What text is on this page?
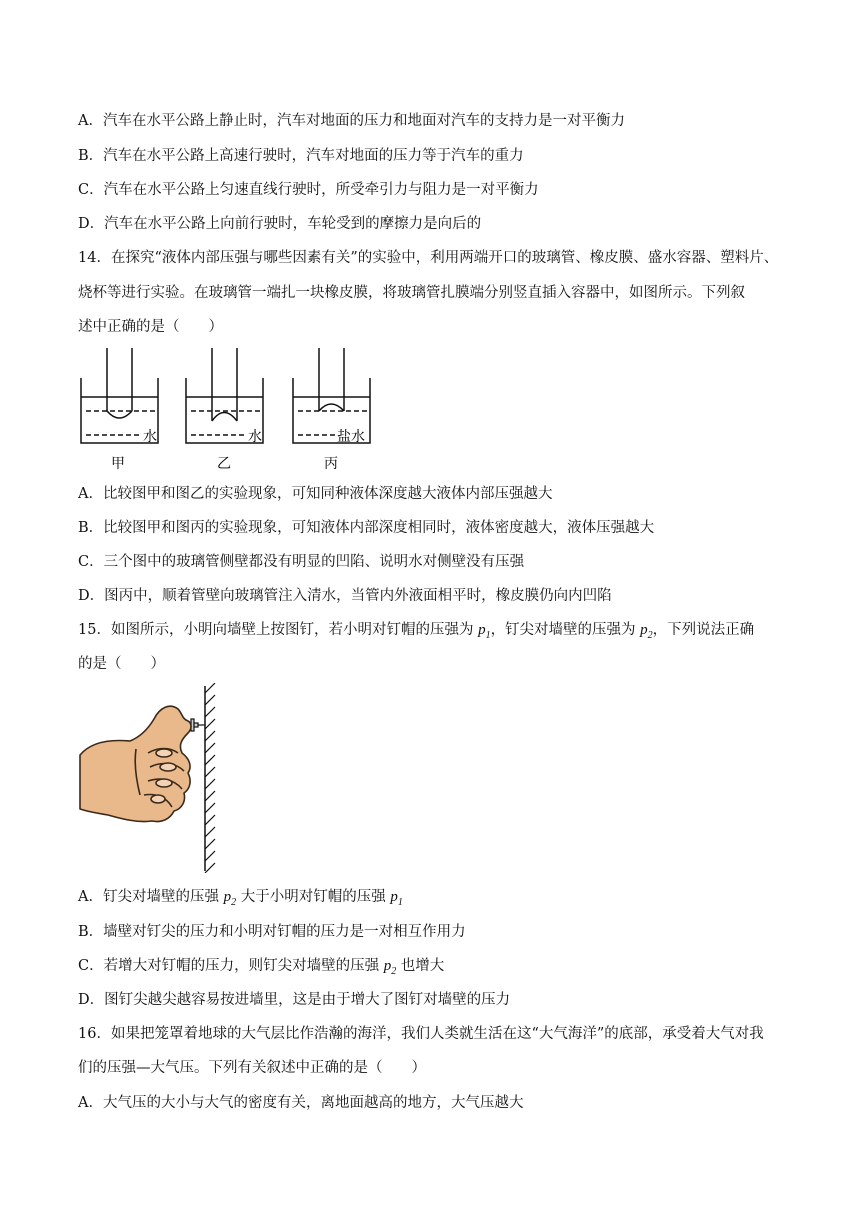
A．汽车在水平公路上静止时，汽车对地面的压力和地面对汽车的支持力是一对平衡力
B．汽车在水平公路上高速行驶时，汽车对地面的压力等于汽车的重力
C．汽车在水平公路上匀速直线行驶时，所受牵引力与阻力是一对平衡力
D．汽车在水平公路上向前行驶时，车轮受到的摩擦力是向后的
14．在探究“液体内部压强与哪些因素有关”的实验中，利用两端开口的玻璃管、橡皮膜、盛水容器、塑料片、
烧杯等进行实验。在玻璃管一端扎一块橡皮膜，将玻璃管扎膜端分别竖直插入容器中，如图所示。下列叙
述中正确的是（　　）
水	水	盐水
甲	乙	丙
A．比较图甲和图乙的实验现象，可知同种液体深度越大液体内部压强越大
B．比较图甲和图丙的实验现象，可知液体内部深度相同时，液体密度越大，液体压强越大
C．三个图中的玻璃管侧壁都没有明显的凹陷、说明水对侧壁没有压强
D．图丙中，顺着管壁向玻璃管注入清水，当管内外液面相平时，橡皮膜仍向内凹陷
15．如图所示，小明向墙壁上按图钉，若小明对钉帽的压强为 $p_1$，钉尖对墙壁的压强为 $p_2$，下列说法正确
的是（　　）
A．钉尖对墙壁的压强 $p_2$ 大于小明对钉帽的压强 $p_1$
B．墙壁对钉尖的压力和小明对钉帽的压力是一对相互作用力
C．若增大对钉帽的压力，则钉尖对墙壁的压强 $p_2$ 也增大
D．图钉尖越尖越容易按进墙里，这是由于增大了图钉对墙壁的压力
16．如果把笼罩着地球的大气层比作浩瀚的海洋，我们人类就生活在这“大气海洋”的底部，承受着大气对我
们的压强—大气压。下列有关叙述中正确的是（　　）
A．大气压的大小与大气的密度有关，离地面越高的地方，大气压越大
